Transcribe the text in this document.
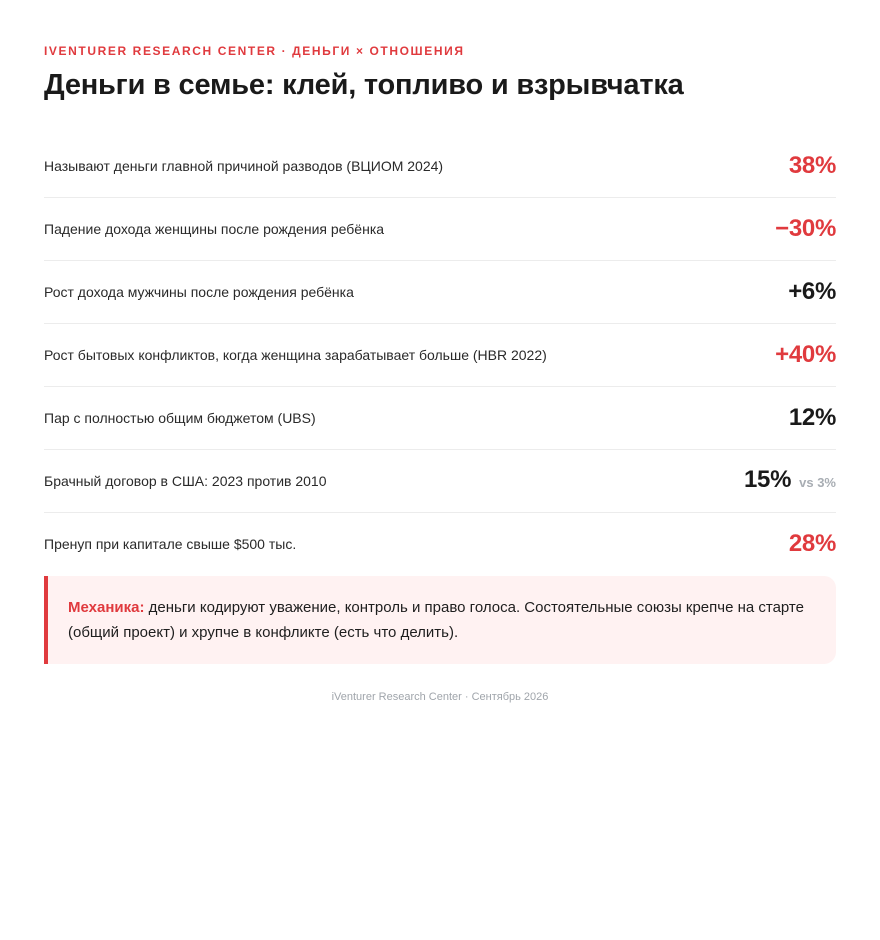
IVENTURER RESEARCH CENTER · ДЕНЬГИ × ОТНОШЕНИЯ

Деньги в семье: клей, топливо и взрывчатка
Называют деньги главной причиной разводов (ВЦИОМ 2024)	38%
Падение дохода женщины после рождения ребёнка	−30%
Рост дохода мужчины после рождения ребёнка	+6%
Рост бытовых конфликтов, когда женщина зарабатывает больше (HBR 2022)	+40%
Пар с полностью общим бюджетом (UBS)	12%
Брачный договор в США: 2023 против 2010	15% vs 3%
Пренуп при капитале свыше $500 тыс.	28%
Механика: деньги кодируют уважение, контроль и право голоса. Состоятельные союзы крепче на старте (общий проект) и хрупче в конфликте (есть что делить).
iVenturer Research Center · Сентябрь 2026
